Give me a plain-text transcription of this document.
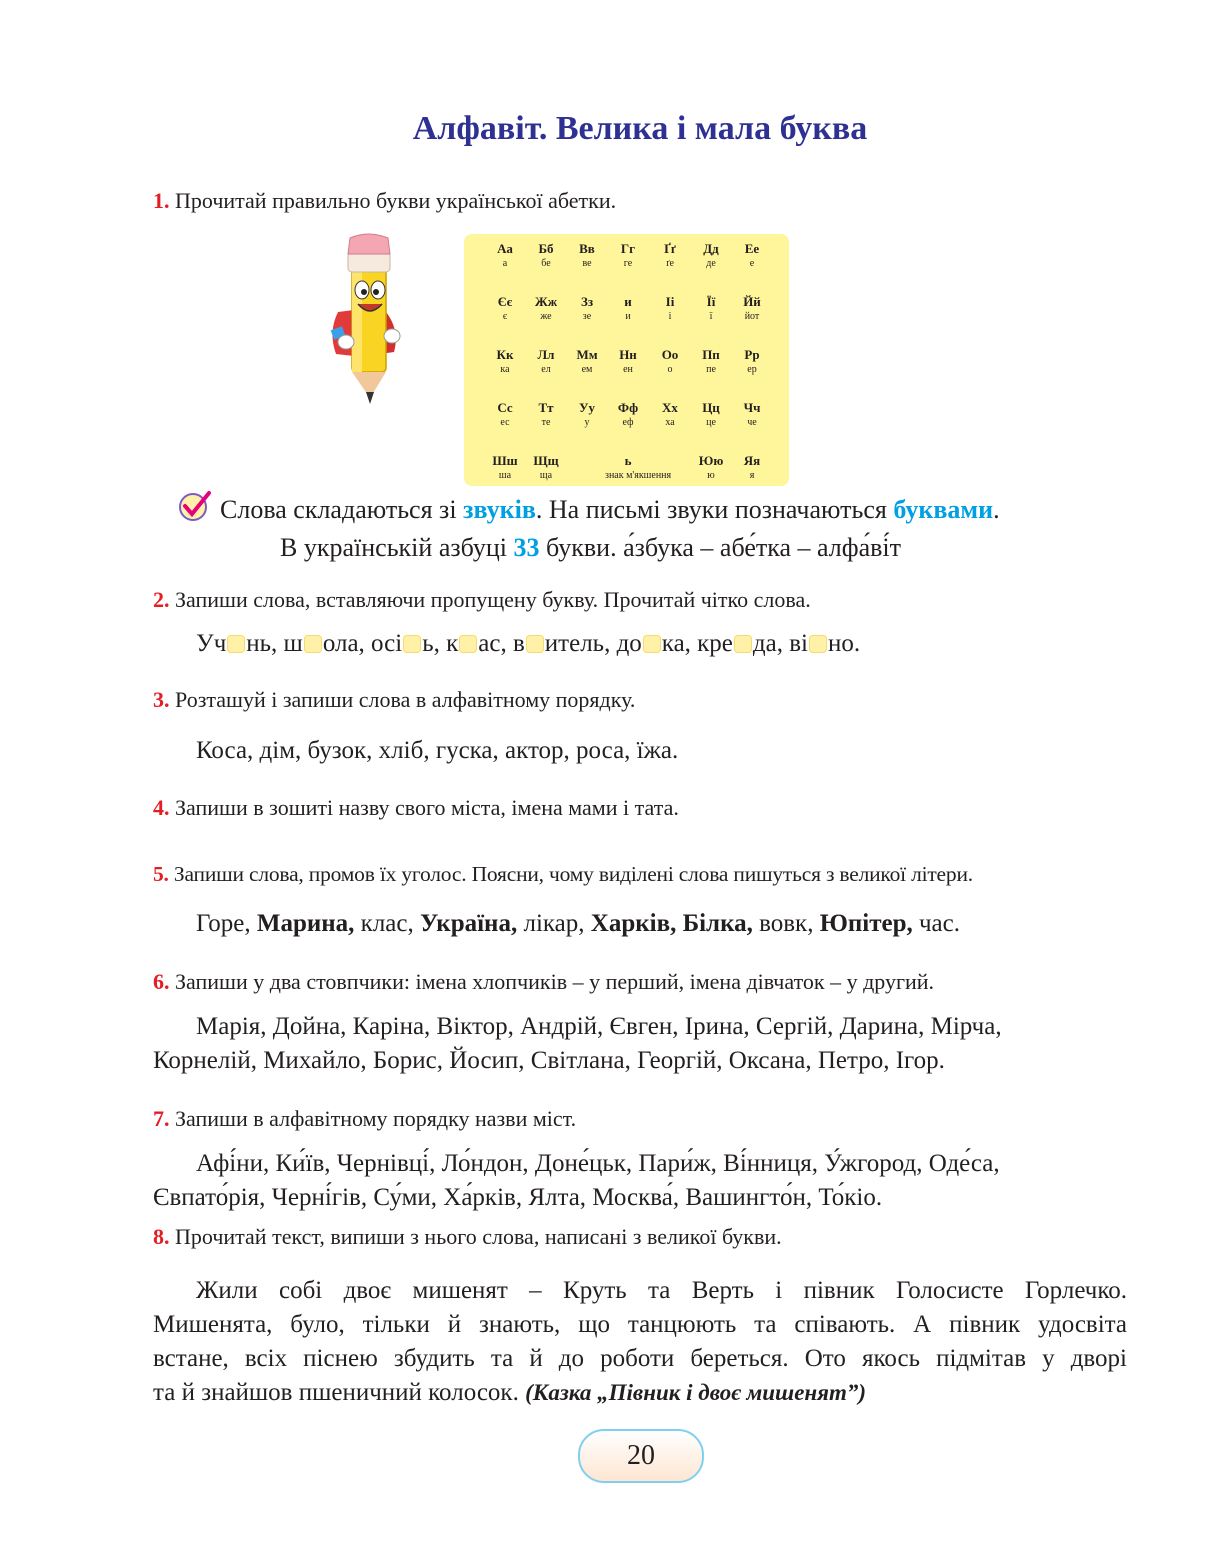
Алфавіт. Велика і мала буква
1. Прочитай правильно букви української абетки.
Аа
а
Бб
бе
Вв
ве
Гг
ге
Ґґ
ґе
Дд
де
Ее
е
Єє
є
Жж
же
Зз
зе
и
и
Іі
і
Її
ї
Йй
йот
Кк
ка
Лл
ел
Мм
ем
Нн
ен
Оо
о
Пп
пе
Рр
ер
Сс
ес
Тт
те
Уу
у
Фф
еф
Хх
ха
Цц
це
Чч
че
Шш
ша
Щщ
ща
ь
знак м'якшення
Юю
ю
Яя
я
Слова складаються зі звуків. На письмі звуки позначаються буквами.
В українській азбуці 33 букви. а́збука – абе́тка – алфа́ві́т
2. Запиши слова, вставляючи пропущену букву. Прочитай чітко слова.
Уч нь, ш ола, осі ь, к ас, в итель, до ка, кре да, ві но.
3. Розташуй і запиши слова в алфавітному порядку.
Коса, дім, бузок, хліб, гуска, актор, роса, їжа.
4. Запиши в зошиті назву свого міста, імена мами і тата.
5. Запиши слова, промов їх уголос. Поясни, чому виділені слова пишуться з великої літери.
Горе, Марина, клас, Україна, лікар, Харків, Білка, вовк, Юпітер, час.
6. Запиши у два стовпчики: імена хлопчиків – у перший, імена дівчаток – у другий.
Марія, Дойна, Каріна, Віктор, Андрій, Євген, Ірина, Сергій, Дарина, Мірча,
Корнелій, Михайло, Борис, Йосип, Світлана, Георгій, Оксана, Петро, Ігор.
7. Запиши в алфавітному порядку назви міст.
Афі́ни, Ки́їв, Чернівці́, Ло́ндон, Доне́цьк, Пари́ж, Ві́нниця, У́жгород, Оде́са,
Євпато́рія, Черні́гів, Су́ми, Ха́рків, Ялта, Москва́, Вашингто́н, То́кіо.
8. Прочитай текст, випиши з нього слова, написані з великої букви.
Жили собі двоє мишенят – Круть та Верть і півник Голосисте Горлечко.
Мишенята, було, тільки й знають, що танцюють та співають. А півник удосвіта
встане, всіх піснею збудить та й до роботи береться. Ото якось підмітав у дворі
та й знайшов пшеничний колосок. (Казка „Півник і двоє мишенят”)
20
